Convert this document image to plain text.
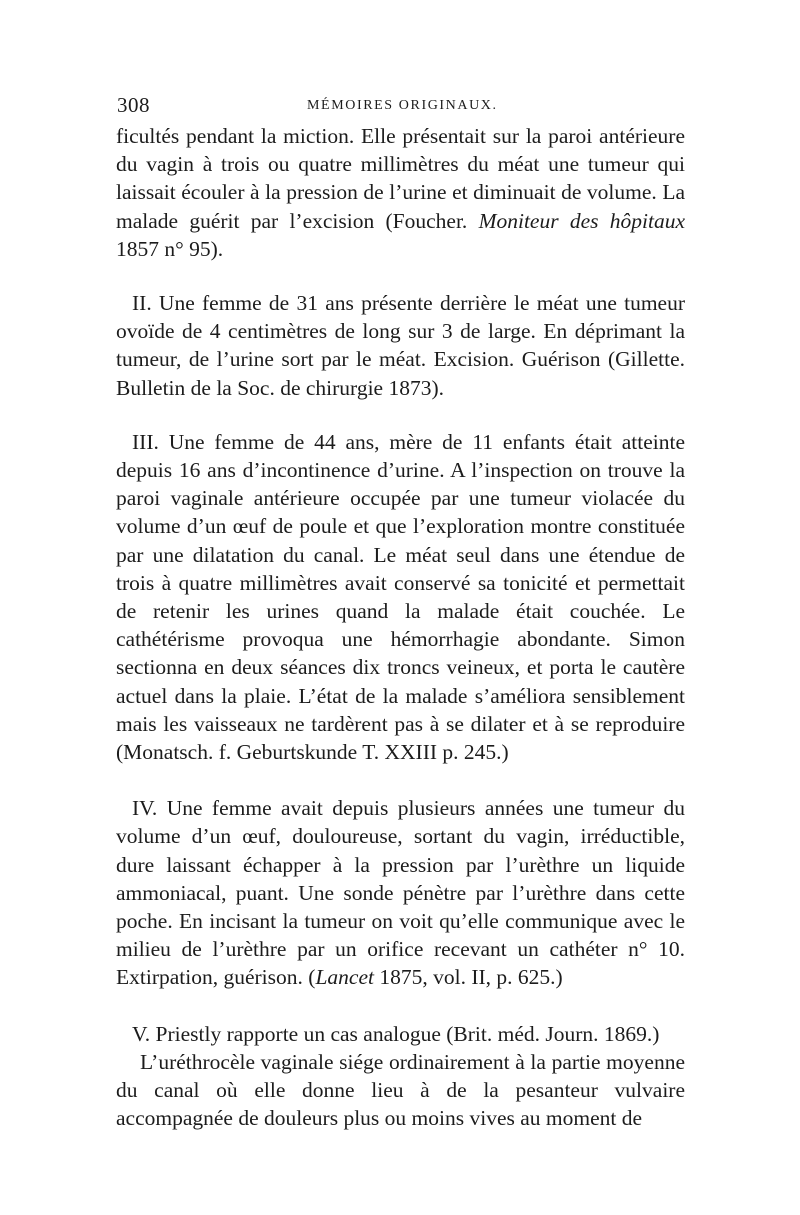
308	MÉMOIRES ORIGINAUX.

ficultés pendant la miction. Elle présentait sur la paroi antérieure du vagin à trois ou quatre millimètres du méat une tumeur qui laissait écouler à la pression de l’urine et diminuait de volume. La malade guérit par l’excision (Foucher. Moniteur des hôpitaux 1857 n° 95).

II. Une femme de 31 ans présente derrière le méat une tumeur ovoïde de 4 centimètres de long sur 3 de large. En déprimant la tumeur, de l’urine sort par le méat. Excision. Guérison (Gillette. Bulletin de la Soc. de chirurgie 1873).

III. Une femme de 44 ans, mère de 11 enfants était atteinte depuis 16 ans d’incontinence d’urine. A l’inspection on trouve la paroi vaginale antérieure occupée par une tumeur violacée du volume d’un œuf de poule et que l’exploration montre constituée par une dilatation du canal. Le méat seul dans une étendue de trois à quatre millimètres avait conservé sa tonicité et permettait de retenir les urines quand la malade était couchée. Le cathétérisme provoqua une hémorrhagie abondante. Simon sectionna en deux séances dix troncs veineux, et porta le cautère actuel dans la plaie. L’état de la malade s’améliora sensiblement mais les vaisseaux ne tardèrent pas à se dilater et à se reproduire (Monatsch. f. Geburtskunde T. XXIII p. 245.)

IV. Une femme avait depuis plusieurs années une tumeur du volume d’un œuf, douloureuse, sortant du vagin, irréductible, dure laissant échapper à la pression par l’urèthre un liquide ammoniacal, puant. Une sonde pénètre par l’urèthre dans cette poche. En incisant la tumeur on voit qu’elle communique avec le milieu de l’urèthre par un orifice recevant un cathéter n° 10. Extirpation, guérison. (Lancet 1875, vol. II, p. 625.)

V. Priestly rapporte un cas analogue (Brit. méd. Journ. 1869.)

L’uréthrocèle vaginale siége ordinairement à la partie moyenne du canal où elle donne lieu à de la pesanteur vulvaire accompagnée de douleurs plus ou moins vives au moment de
